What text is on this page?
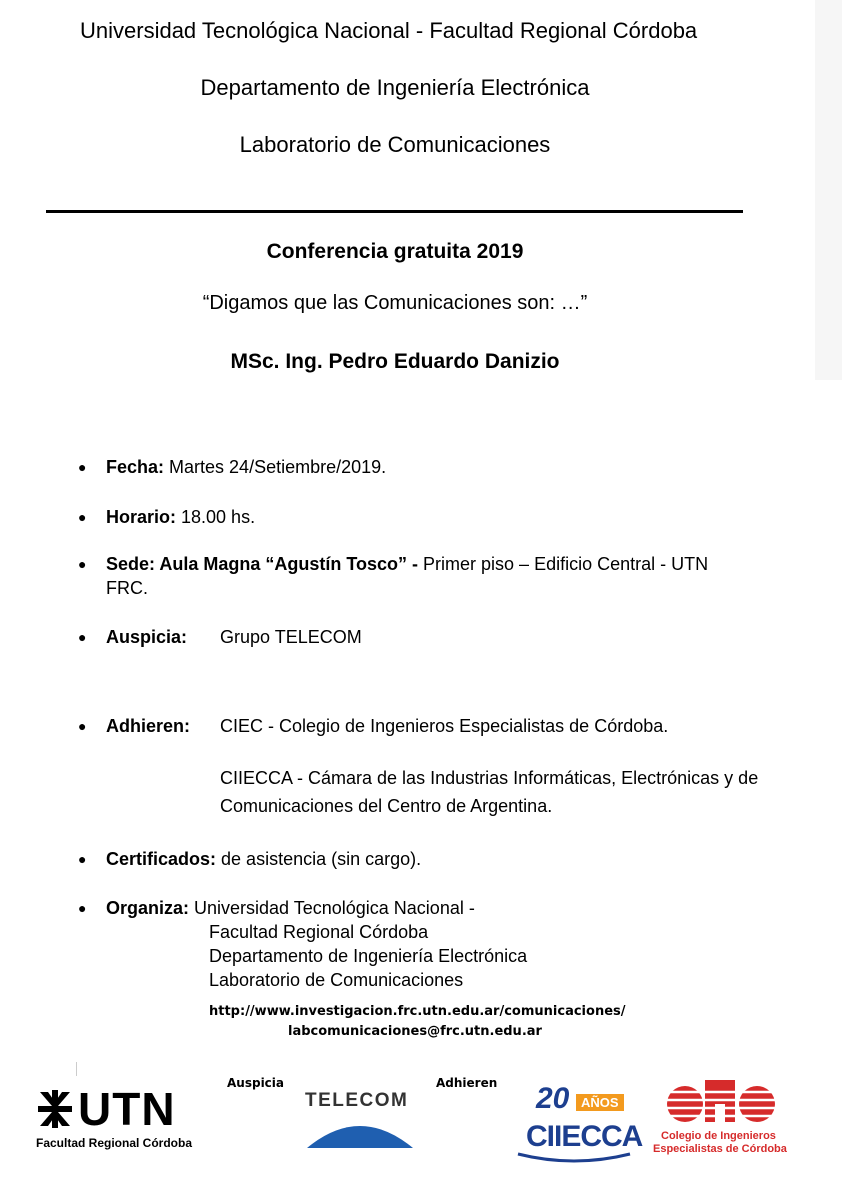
Universidad Tecnológica Nacional - Facultad Regional Córdoba
Departamento de Ingeniería Electrónica
Laboratorio de Comunicaciones
Conferencia gratuita 2019
“Digamos que las Comunicaciones son: …”
MSc. Ing. Pedro Eduardo Danizio
● Fecha: Martes 24/Setiembre/2019.
● Horario: 18.00 hs.
● Sede: Aula Magna “Agustín Tosco” - Primer piso – Edificio Central - UTN
FRC.
● Auspicia: Grupo TELECOM
● Adhieren: CIEC - Colegio de Ingenieros Especialistas de Córdoba.
CIIECCA - Cámara de las Industrias Informáticas, Electrónicas y de
Comunicaciones del Centro de Argentina.
● Certificados: de asistencia (sin cargo).
● Organiza: Universidad Tecnológica Nacional -
Facultad Regional Córdoba
Departamento de Ingeniería Electrónica
Laboratorio de Comunicaciones
http://www.investigacion.frc.utn.edu.ar/comunicaciones/
labcomunicaciones@frc.utn.edu.ar
Auspicia	Adhieren
UTN
Facultad Regional Córdoba
TELECOM	20 AÑOS
CIIECCA Colegio de Ingenieros
Especialistas de Córdoba
